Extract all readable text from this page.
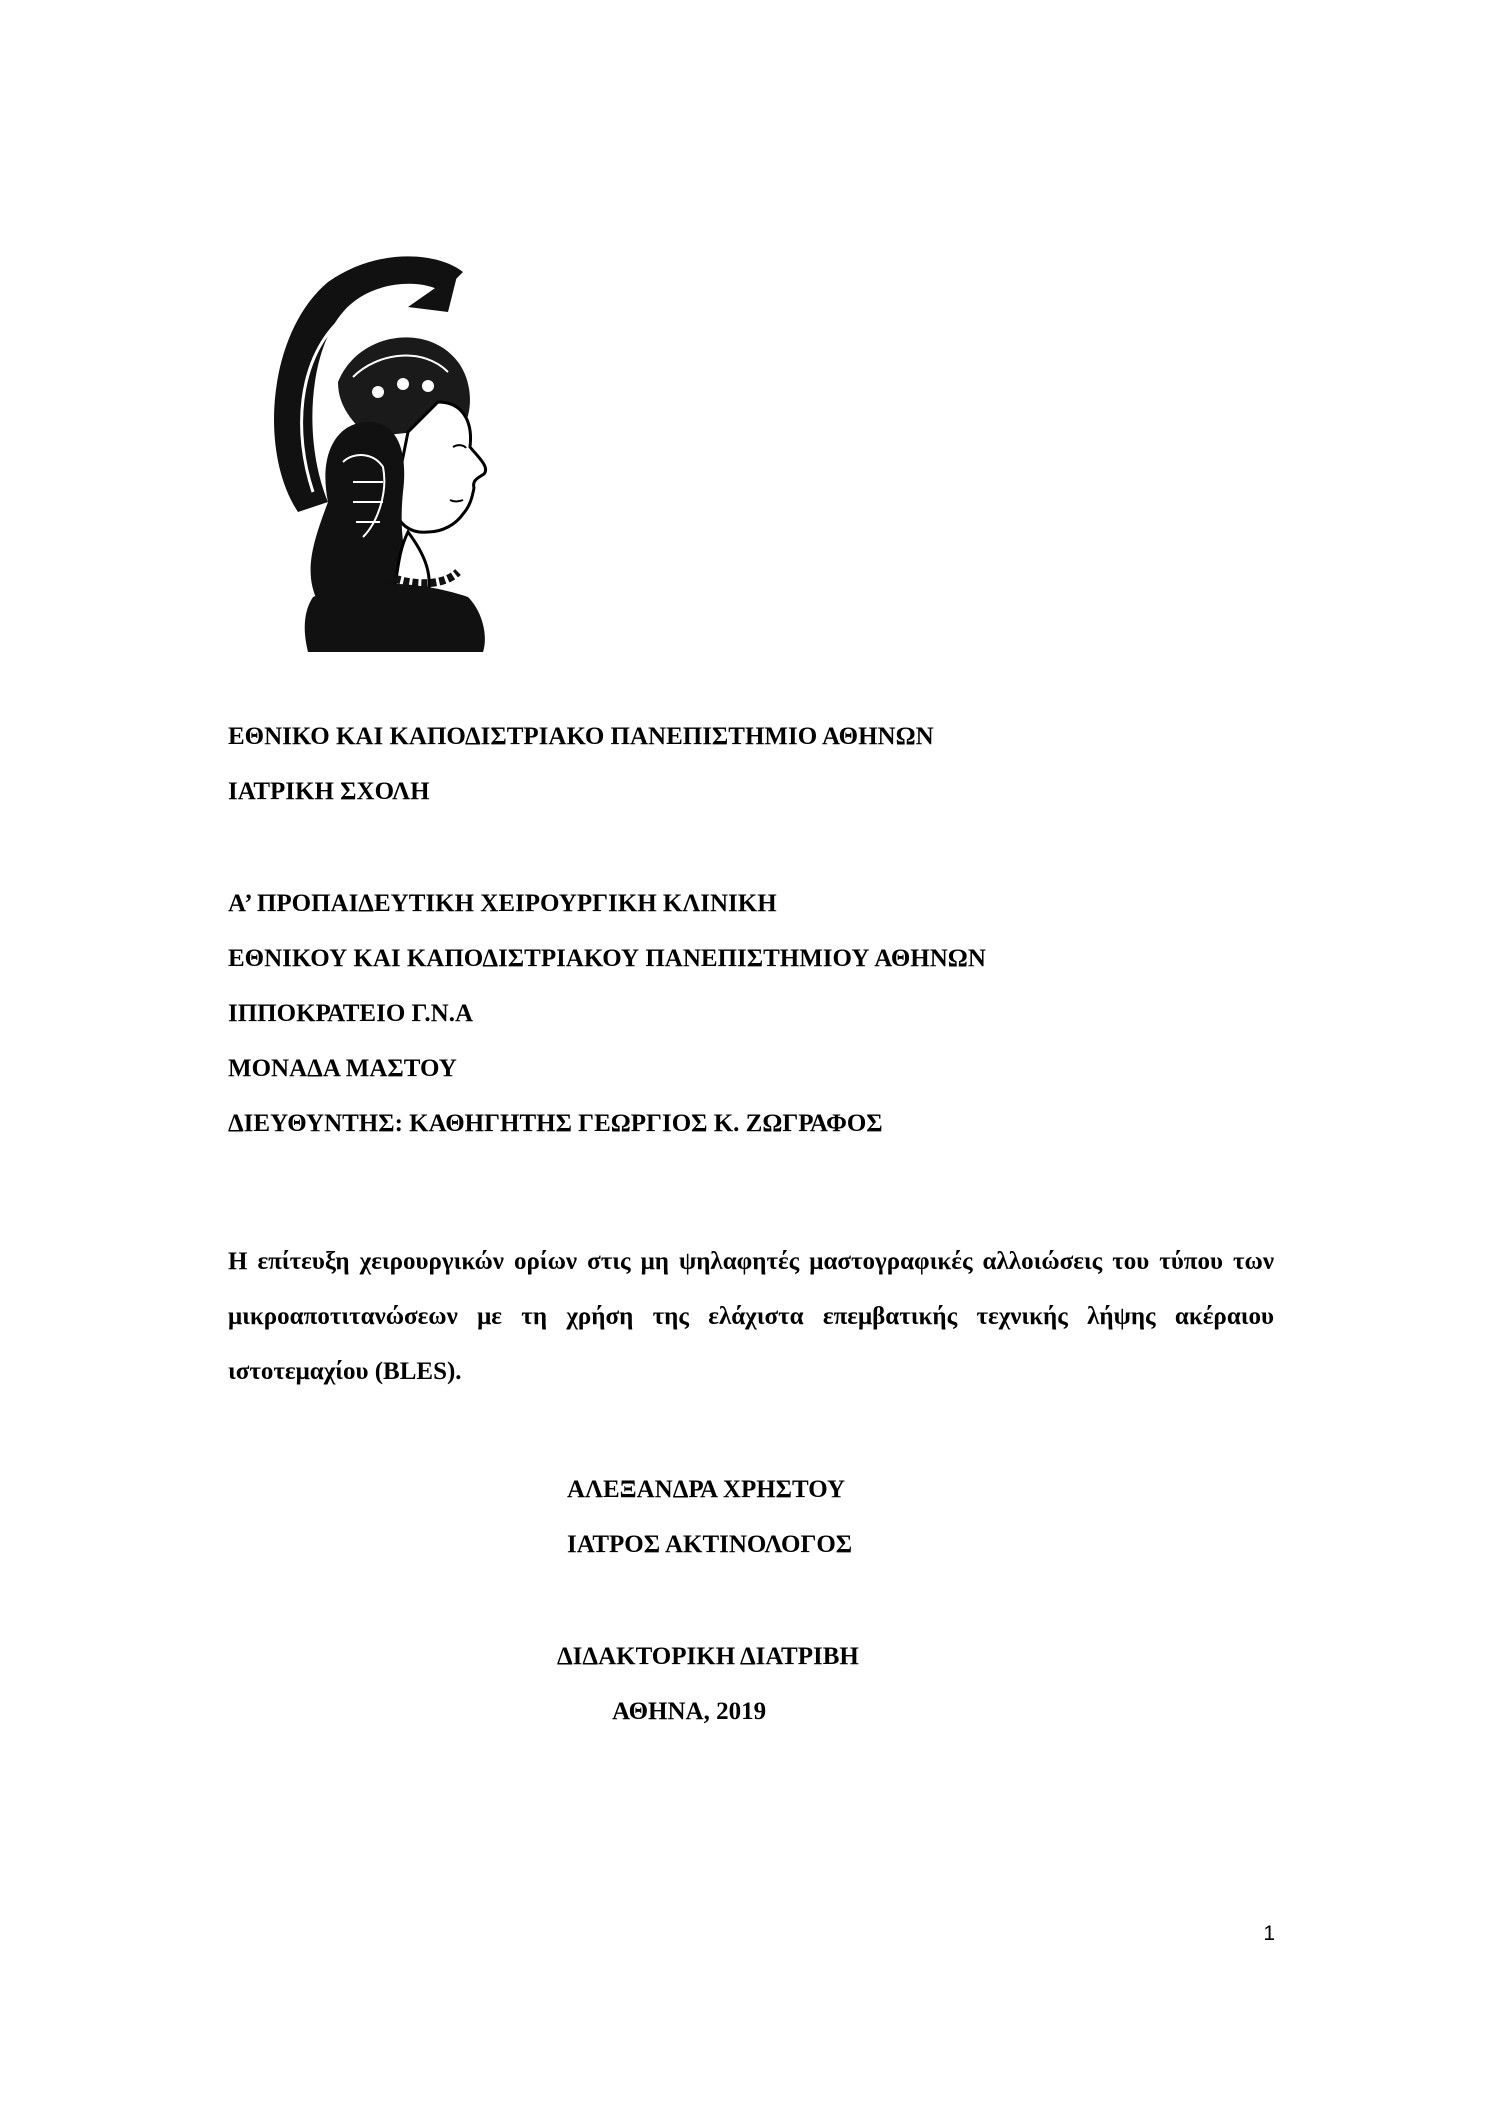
ΕΘΝΙΚΟ ΚΑΙ ΚΑΠΟΔΙΣΤΡΙΑΚΟ ΠΑΝΕΠΙΣΤΗΜΙΟ ΑΘΗΝΩΝ
ΙΑΤΡΙΚΗ ΣΧΟΛΗ
Α’ ΠΡΟΠΑΙΔΕΥΤΙΚΗ ΧΕΙΡΟΥΡΓΙΚΗ ΚΛΙΝΙΚΗ
ΕΘΝΙΚΟΥ ΚΑΙ ΚΑΠΟΔΙΣΤΡΙΑΚΟΥ ΠΑΝΕΠΙΣΤΗΜΙΟΥ ΑΘΗΝΩΝ
ΙΠΠΟΚΡΑΤΕΙΟ Γ.Ν.Α
ΜΟΝΑΔΑ ΜΑΣΤΟΥ
ΔΙΕΥΘΥΝΤΗΣ: ΚΑΘΗΓΗΤΗΣ ΓΕΩΡΓΙΟΣ Κ. ΖΩΓΡΑΦΟΣ
Η επίτευξη χειρουργικών ορίων στις μη ψηλαφητές μαστογραφικές αλλοιώσεις του τύπου των μικροαποτιτανώσεων με τη χρήση της ελάχιστα επεμβατικής τεχνικής λήψης ακέραιου ιστοτεμαχίου (BLES).
ΑΛΕΞΑΝΔΡΑ ΧΡΗΣΤΟΥ
ΙΑΤΡΟΣ ΑΚΤΙΝΟΛΟΓΟΣ
ΔΙΔΑΚΤΟΡΙΚΗ ΔΙΑΤΡΙΒΗ
ΑΘΗΝΑ, 2019
1
